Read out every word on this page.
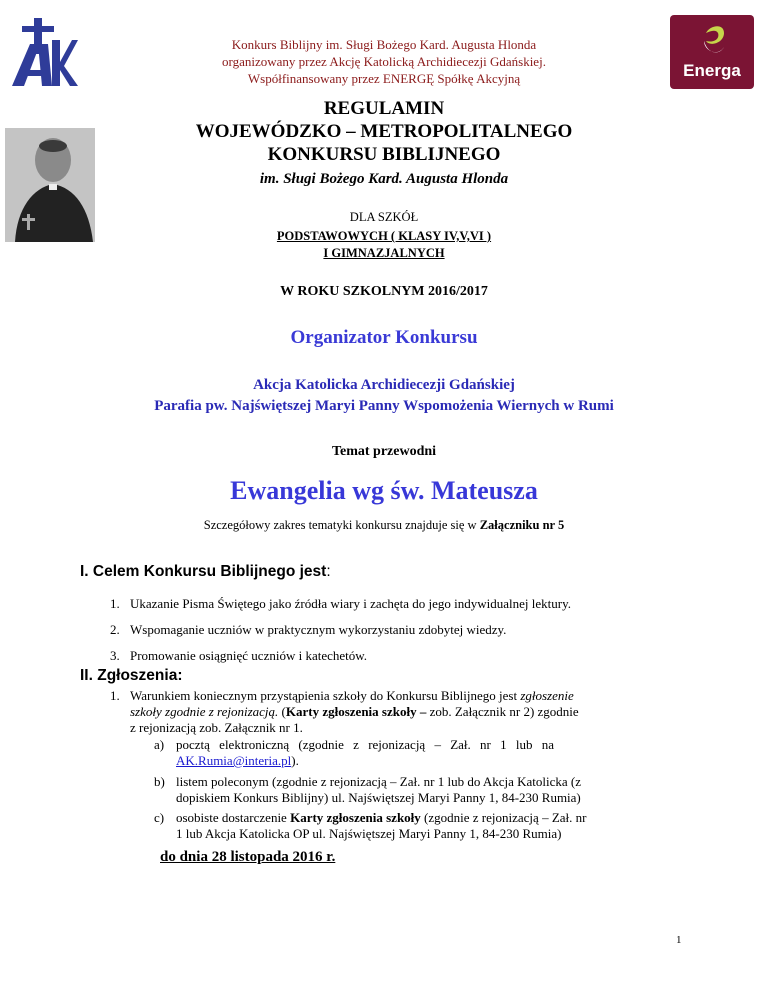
Konkurs Biblijny im. Sługi Bożego Kard. Augusta Hlonda
organizowany przez Akcję Katolicką Archidiecezji Gdańskiej.
Współfinansowany przez ENERGĘ Spółkę Akcyjną	Energa
REGULAMIN
WOJEWÓDZKO – METROPOLITALNEGO
KONKURSU BIBLIJNEGO
im. Sługi Bożego Kard. Augusta Hlonda
DLA SZKÓŁ
PODSTAWOWYCH ( KLASY IV,V,VI )
I GIMNAZJALNYCH
W ROKU SZKOLNYM 2016/2017
Organizator Konkursu
Akcja Katolicka Archidiecezji Gdańskiej
Parafia pw. Najświętszej Maryi Panny Wspomożenia Wiernych w Rumi
Temat przewodni
Ewangelia wg św. Mateusza
Szczegółowy zakres tematyki konkursu znajduje się w Załączniku nr 5
I. Celem Konkursu Biblijnego jest:
1. Ukazanie Pisma Świętego jako źródła wiary i zachęta do jego indywidualnej lektury.
2. Wspomaganie uczniów w praktycznym wykorzystaniu zdobytej wiedzy.
3. Promowanie osiągnięć uczniów i katechetów.
II. Zgłoszenia:
1. Warunkiem koniecznym przystąpienia szkoły do Konkursu Biblijnego jest zgłoszenie
szkoły zgodnie z rejonizacją. (Karty zgłoszenia szkoły – zob. Załącznik nr 2) zgodnie
z rejonizacją zob. Załącznik nr 1.
a) pocztą elektroniczną (zgodnie z rejonizacją – Zał. nr 1 lub na
AK.Rumia@interia.pl).
b) listem poleconym (zgodnie z rejonizacją – Zał. nr 1 lub do Akcja Katolicka (z
dopiskiem Konkurs Biblijny) ul. Najświętszej Maryi Panny 1, 84-230 Rumia)
c) osobiste dostarczenie Karty zgłoszenia szkoły (zgodnie z rejonizacją – Zał. nr
1 lub Akcja Katolicka OP ul. Najświętszej Maryi Panny 1, 84-230 Rumia)
do dnia 28 listopada 2016 r.
1
